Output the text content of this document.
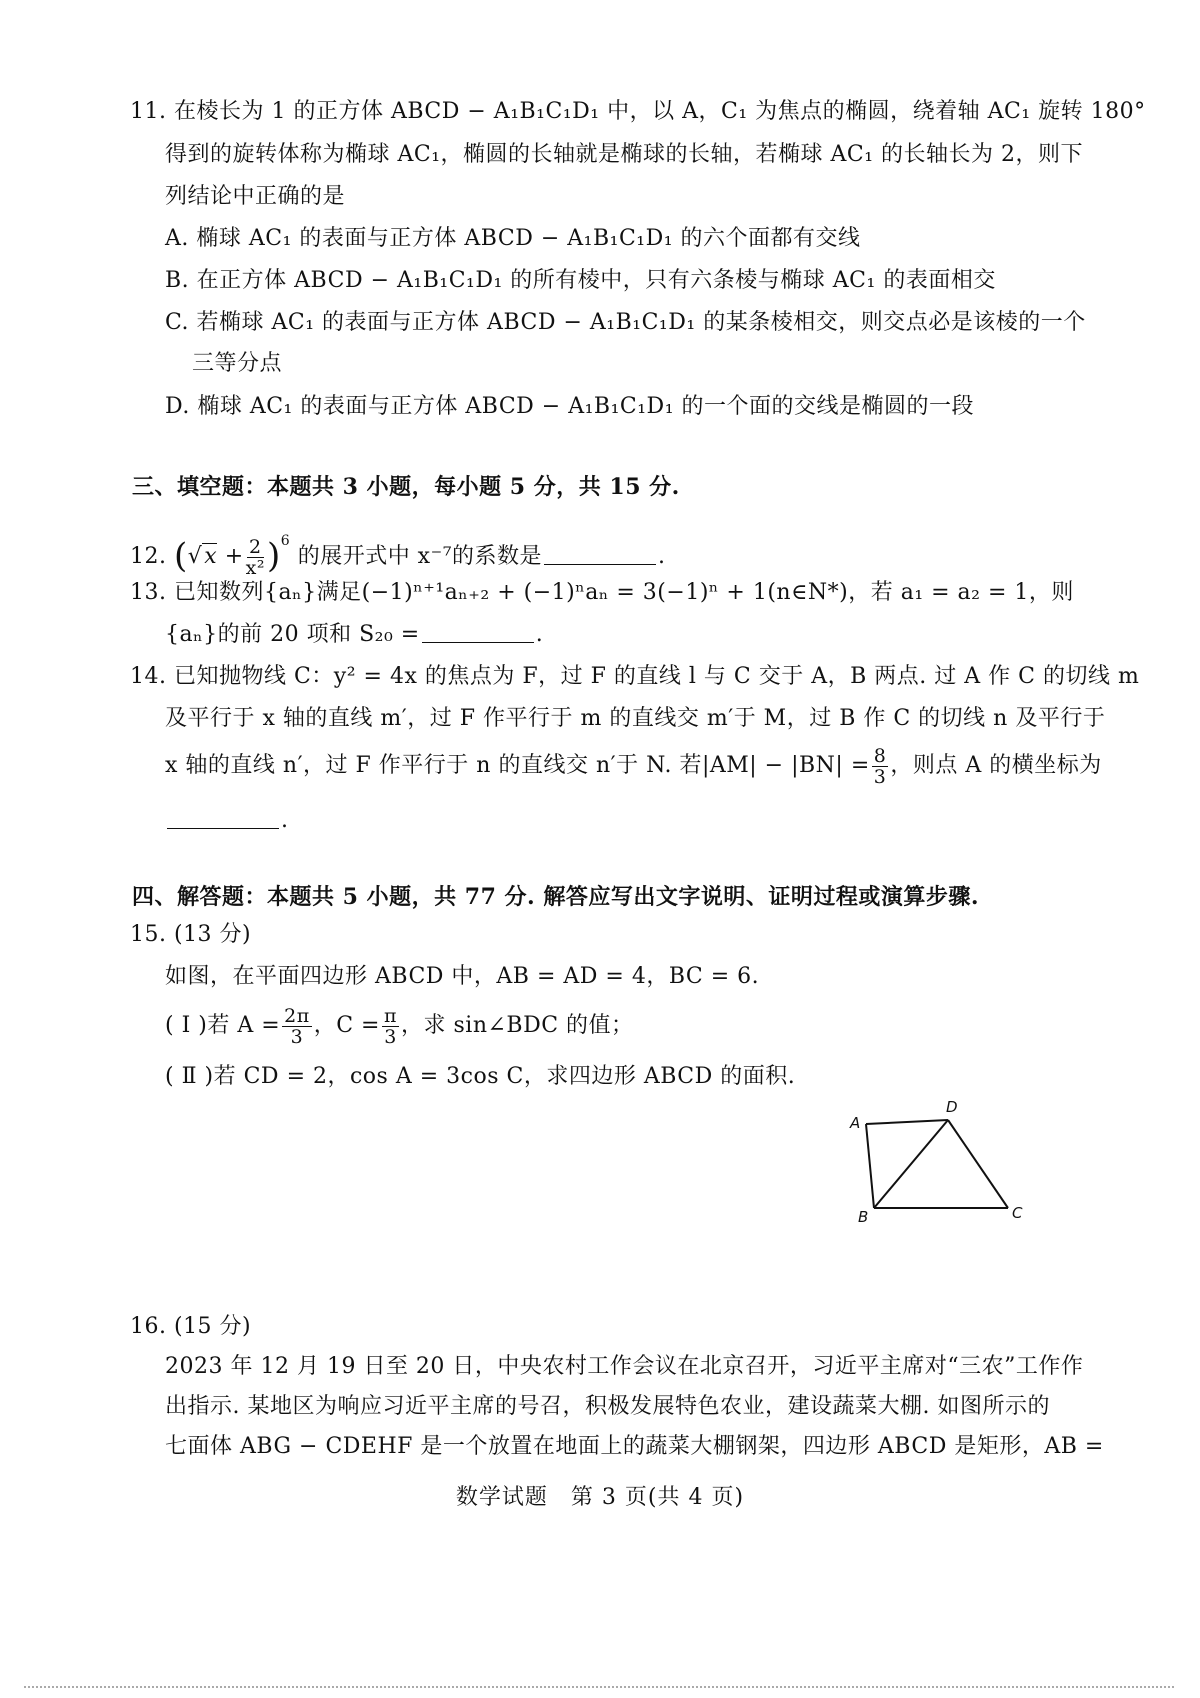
11. 在棱长为 1 的正方体 ABCD − A₁B₁C₁D₁ 中，以 A，C₁ 为焦点的椭圆，绕着轴 AC₁ 旋转 180°
得到的旋转体称为椭球 AC₁，椭圆的长轴就是椭球的长轴，若椭球 AC₁ 的长轴长为 2，则下
列结论中正确的是
A. 椭球 AC₁ 的表面与正方体 ABCD − A₁B₁C₁D₁ 的六个面都有交线
B. 在正方体 ABCD − A₁B₁C₁D₁ 的所有棱中，只有六条棱与椭球 AC₁ 的表面相交
C. 若椭球 AC₁ 的表面与正方体 ABCD − A₁B₁C₁D₁ 的某条棱相交，则交点必是该棱的一个
三等分点
D. 椭球 AC₁ 的表面与正方体 ABCD − A₁B₁C₁D₁ 的一个面的交线是椭圆的一段
三、填空题：本题共 3 小题，每小题 5 分，共 15 分.
12. $(√x + \frac{2}{\text{x²}} )^6$ 的展开式中 x⁻⁷的系数是	.
13. 已知数列{aₙ}满足(−1)ⁿ⁺¹aₙ₊₂ + (−1)ⁿaₙ = 3(−1)ⁿ + 1(n∈N*)，若 a₁ = a₂ = 1，则
{aₙ}的前 20 项和 S₂₀ =	.
14. 已知抛物线 C：y² = 4x 的焦点为 F，过 F 的直线 l 与 C 交于 A，B 两点. 过 A 作 C 的切线 m
及平行于 x 轴的直线 m′，过 F 作平行于 m 的直线交 m′于 M，过 B 作 C 的切线 n 及平行于
x 轴的直线 n′，过 F 作平行于 n 的直线交 n′于 N. 若$|AM| - |BN| = \frac{8}{3}$ ，则点 A 的横坐标为
.
四、解答题：本题共 5 小题，共 77 分. 解答应写出文字说明、证明过程或演算步骤.
15. (13 分)
如图，在平面四边形 ABCD 中，AB = AD = 4，BC = 6.
( Ⅰ )若 $A = \frac{2\pi}{3}$ ，$C = \frac{\pi}{3}$ ，求 sin∠BDC 的值；
( Ⅱ )若 CD = 2，cos A = 3cos C，求四边形 ABCD 的面积.
A
D
B	C
16. (15 分)
2023 年 12 月 19 日至 20 日，中央农村工作会议在北京召开，习近平主席对“三农”工作作
出指示. 某地区为响应习近平主席的号召，积极发展特色农业，建设蔬菜大棚. 如图所示的
七面体 ABG − CDEHF 是一个放置在地面上的蔬菜大棚钢架，四边形 ABCD 是矩形，AB =
数学试题　第 3 页(共 4 页)
